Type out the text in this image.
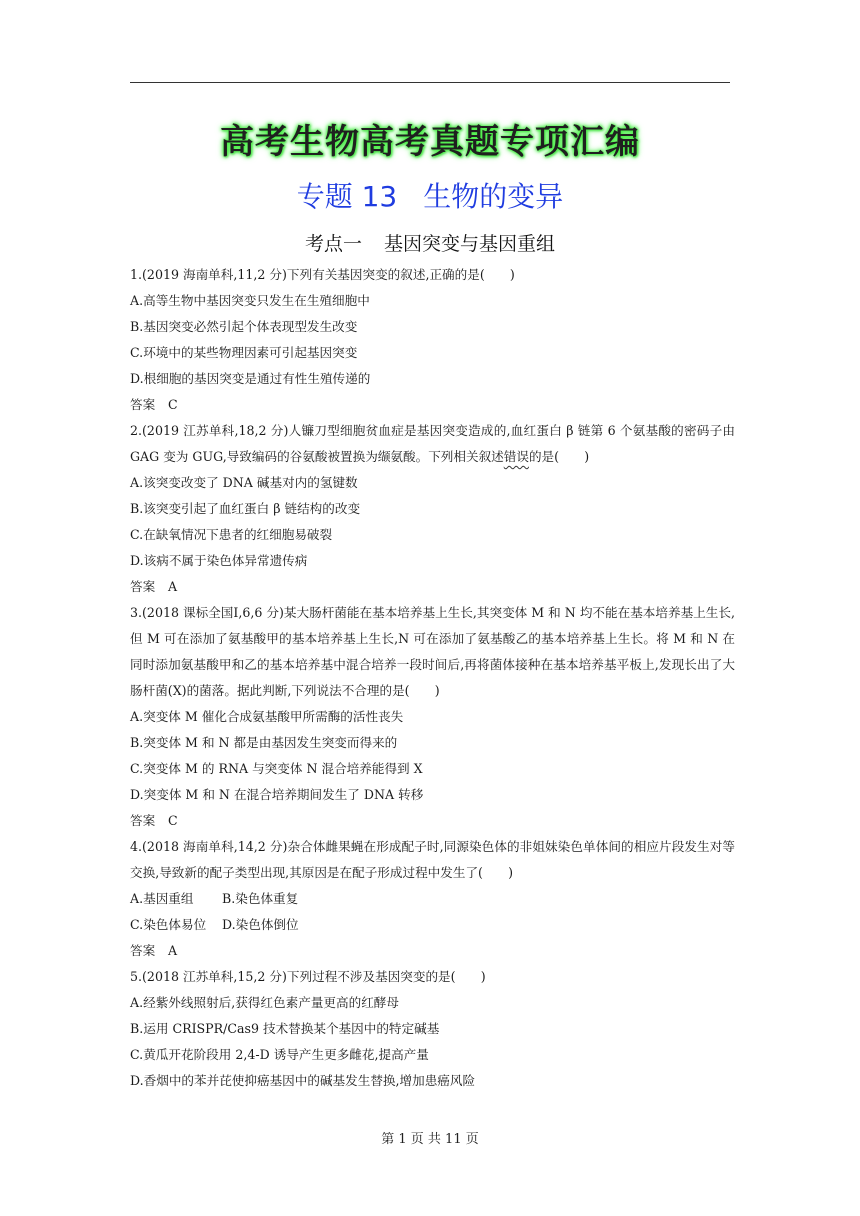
高考生物高考真题专项汇编
专题 13 生物的变异
考点一 基因突变与基因重组

1.(2019 海南单科,11,2 分)下列有关基因突变的叙述,正确的是(　　)

A.高等生物中基因突变只发生在生殖细胞中

B.基因突变必然引起个体表现型发生改变

C.环境中的某些物理因素可引起基因突变

D.根细胞的基因突变是通过有性生殖传递的

答案 C

2.(2019 江苏单科,18,2 分)人镰刀型细胞贫血症是基因突变造成的,血红蛋白 β 链第 6 个氨基酸的密码子由 GAG 变为 GUG,导致编码的谷氨酸被置换为缬氨酸。下列相关叙述错误的是(　　)

A.该突变改变了 DNA 碱基对内的氢键数

B.该突变引起了血红蛋白 β 链结构的改变

C.在缺氧情况下患者的红细胞易破裂

D.该病不属于染色体异常遗传病

答案 A

3.(2018 课标全国Ⅰ,6,6 分)某大肠杆菌能在基本培养基上生长,其突变体 M 和 N 均不能在基本培养基上生长,但 M 可在添加了氨基酸甲的基本培养基上生长,N 可在添加了氨基酸乙的基本培养基上生长。将 M 和 N 在同时添加氨基酸甲和乙的基本培养基中混合培养一段时间后,再将菌体接种在基本培养基平板上,发现长出了大肠杆菌(X)的菌落。据此判断,下列说法不合理的是(　　)

A.突变体 M 催化合成氨基酸甲所需酶的活性丧失

B.突变体 M 和 N 都是由基因发生突变而得来的

C.突变体 M 的 RNA 与突变体 N 混合培养能得到 X

D.突变体 M 和 N 在混合培养期间发生了 DNA 转移

答案 C

4.(2018 海南单科,14,2 分)杂合体雌果蝇在形成配子时,同源染色体的非姐妹染色单体间的相应片段发生对等交换,导致新的配子类型出现,其原因是在配子形成过程中发生了(　　)

A.基因重组 B.染色体重复

C.染色体易位 D.染色体倒位

答案 A

5.(2018 江苏单科,15,2 分)下列过程不涉及基因突变的是(　　)

A.经紫外线照射后,获得红色素产量更高的红酵母

B.运用 CRISPR/Cas9 技术替换某个基因中的特定碱基

C.黄瓜开花阶段用 2,4-D 诱导产生更多雌花,提高产量

D.香烟中的苯并芘使抑癌基因中的碱基发生替换,增加患癌风险

第 1 页 共 11 页
